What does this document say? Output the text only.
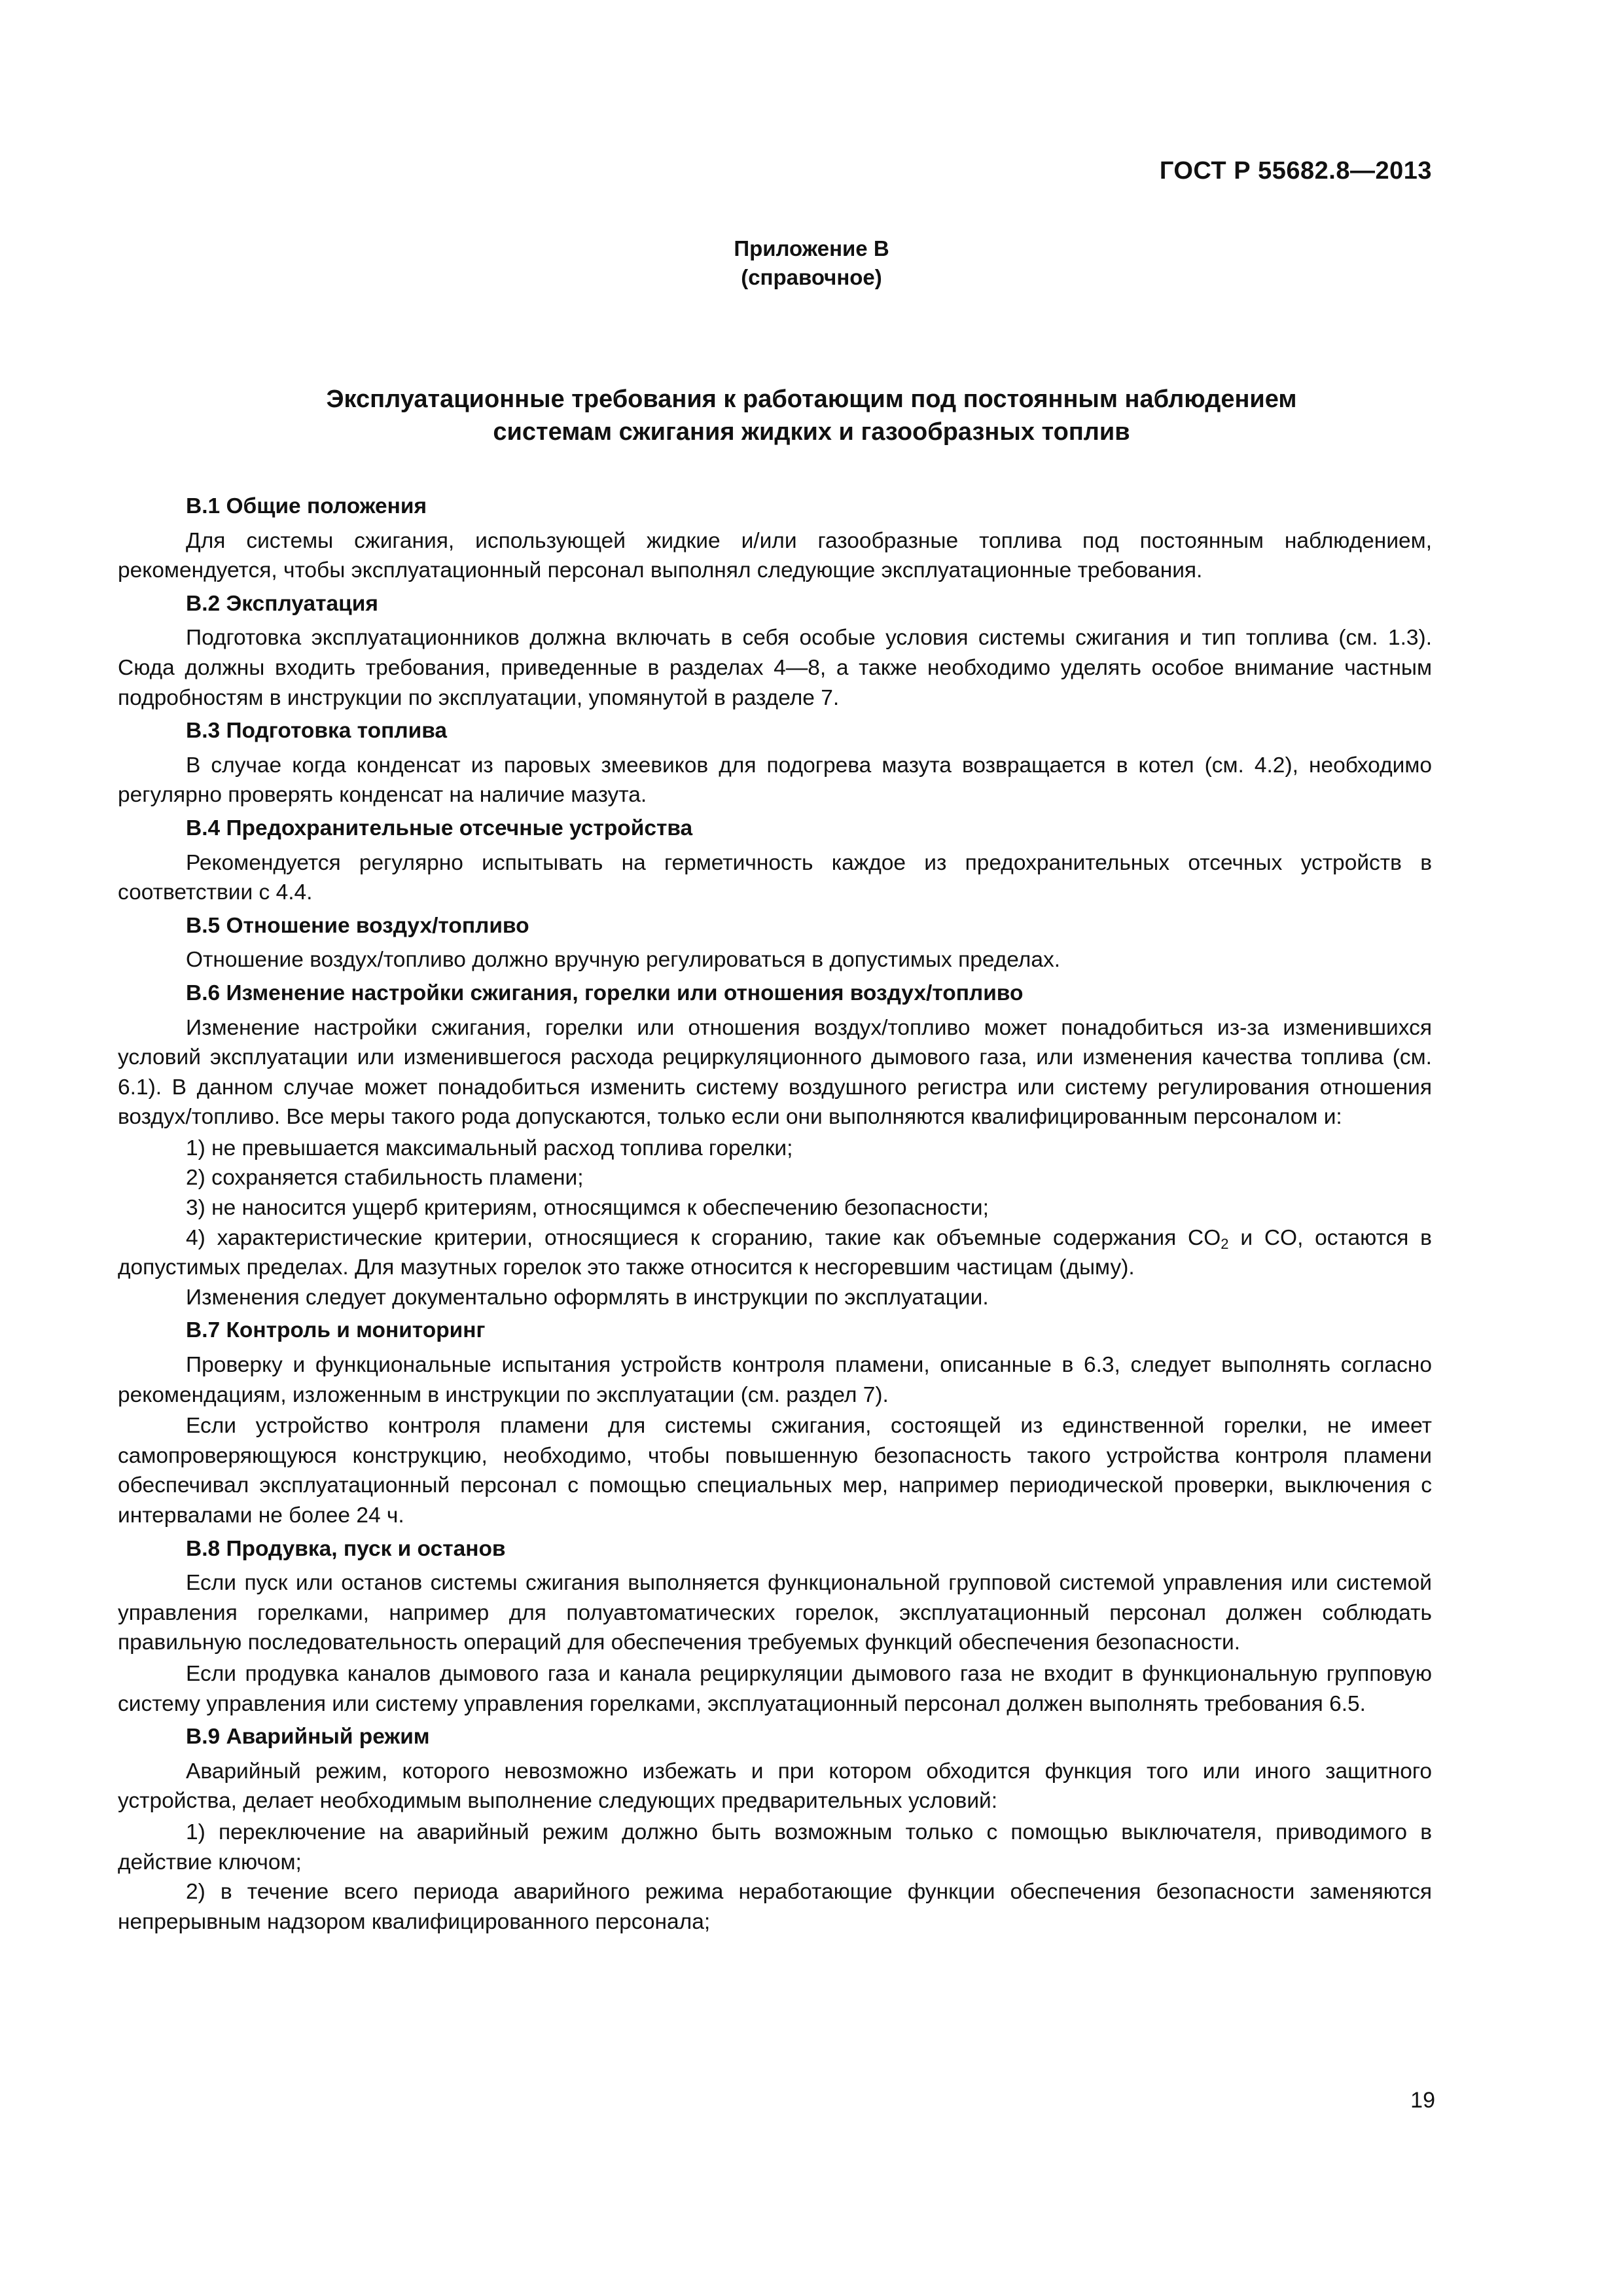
ГОСТ Р 55682.8—2013
Приложение В
(справочное)
Эксплуатационные требования к работающим под постоянным наблюдением
системам сжигания жидких и газообразных топлив
В.1 Общие положения

Для системы сжигания, использующей жидкие и/или газообразные топлива под постоянным наблюдением, рекомендуется, чтобы эксплуатационный персонал выполнял следующие эксплуатационные требования.

В.2 Эксплуатация

Подготовка эксплуатационников должна включать в себя особые условия системы сжигания и тип топлива (см. 1.3). Сюда должны входить требования, приведенные в разделах 4—8, а также необходимо уделять особое внимание частным подробностям в инструкции по эксплуатации, упомянутой в разделе 7.

В.3 Подготовка топлива

В случае когда конденсат из паровых змеевиков для подогрева мазута возвращается в котел (см. 4.2), необходимо регулярно проверять конденсат на наличие мазута.

В.4 Предохранительные отсечные устройства

Рекомендуется регулярно испытывать на герметичность каждое из предохранительных отсечных устройств в соответствии с 4.4.

В.5 Отношение воздух/топливо

Отношение воздух/топливо должно вручную регулироваться в допустимых пределах.

В.6 Изменение настройки сжигания, горелки или отношения воздух/топливо

Изменение настройки сжигания, горелки или отношения воздух/топливо может понадобиться из-за изменившихся условий эксплуатации или изменившегося расхода рециркуляционного дымового газа, или изменения качества топлива (см. 6.1). В данном случае может понадобиться изменить систему воздушного регистра или систему регулирования отношения воздух/топливо. Все меры такого рода допускаются, только если они выполняются квалифицированным персоналом и:

1) не превышается максимальный расход топлива горелки;

2) сохраняется стабильность пламени;

3) не наносится ущерб критериям, относящимся к обеспечению безопасности;

4) характеристические критерии, относящиеся к сгоранию, такие как объемные содержания $CO_2$ и CO, остаются в допустимых пределах. Для мазутных горелок это также относится к несгоревшим частицам (дыму).

Изменения следует документально оформлять в инструкции по эксплуатации.

В.7 Контроль и мониторинг

Проверку и функциональные испытания устройств контроля пламени, описанные в 6.3, следует выполнять согласно рекомендациям, изложенным в инструкции по эксплуатации (см. раздел 7).

Если устройство контроля пламени для системы сжигания, состоящей из единственной горелки, не имеет самопроверяющуюся конструкцию, необходимо, чтобы повышенную безопасность такого устройства контроля пламени обеспечивал эксплуатационный персонал с помощью специальных мер, например периодической проверки, выключения с интервалами не более 24 ч.

В.8 Продувка, пуск и останов

Если пуск или останов системы сжигания выполняется функциональной групповой системой управления или системой управления горелками, например для полуавтоматических горелок, эксплуатационный персонал должен соблюдать правильную последовательность операций для обеспечения требуемых функций обеспечения безопасности.

Если продувка каналов дымового газа и канала рециркуляции дымового газа не входит в функциональную групповую систему управления или систему управления горелками, эксплуатационный персонал должен выполнять требования 6.5.

В.9 Аварийный режим

Аварийный режим, которого невозможно избежать и при котором обходится функция того или иного защитного устройства, делает необходимым выполнение следующих предварительных условий:

1) переключение на аварийный режим должно быть возможным только с помощью выключателя, приводимого в действие ключом;

2) в течение всего периода аварийного режима неработающие функции обеспечения безопасности заменяются непрерывным надзором квалифицированного персонала;

19
